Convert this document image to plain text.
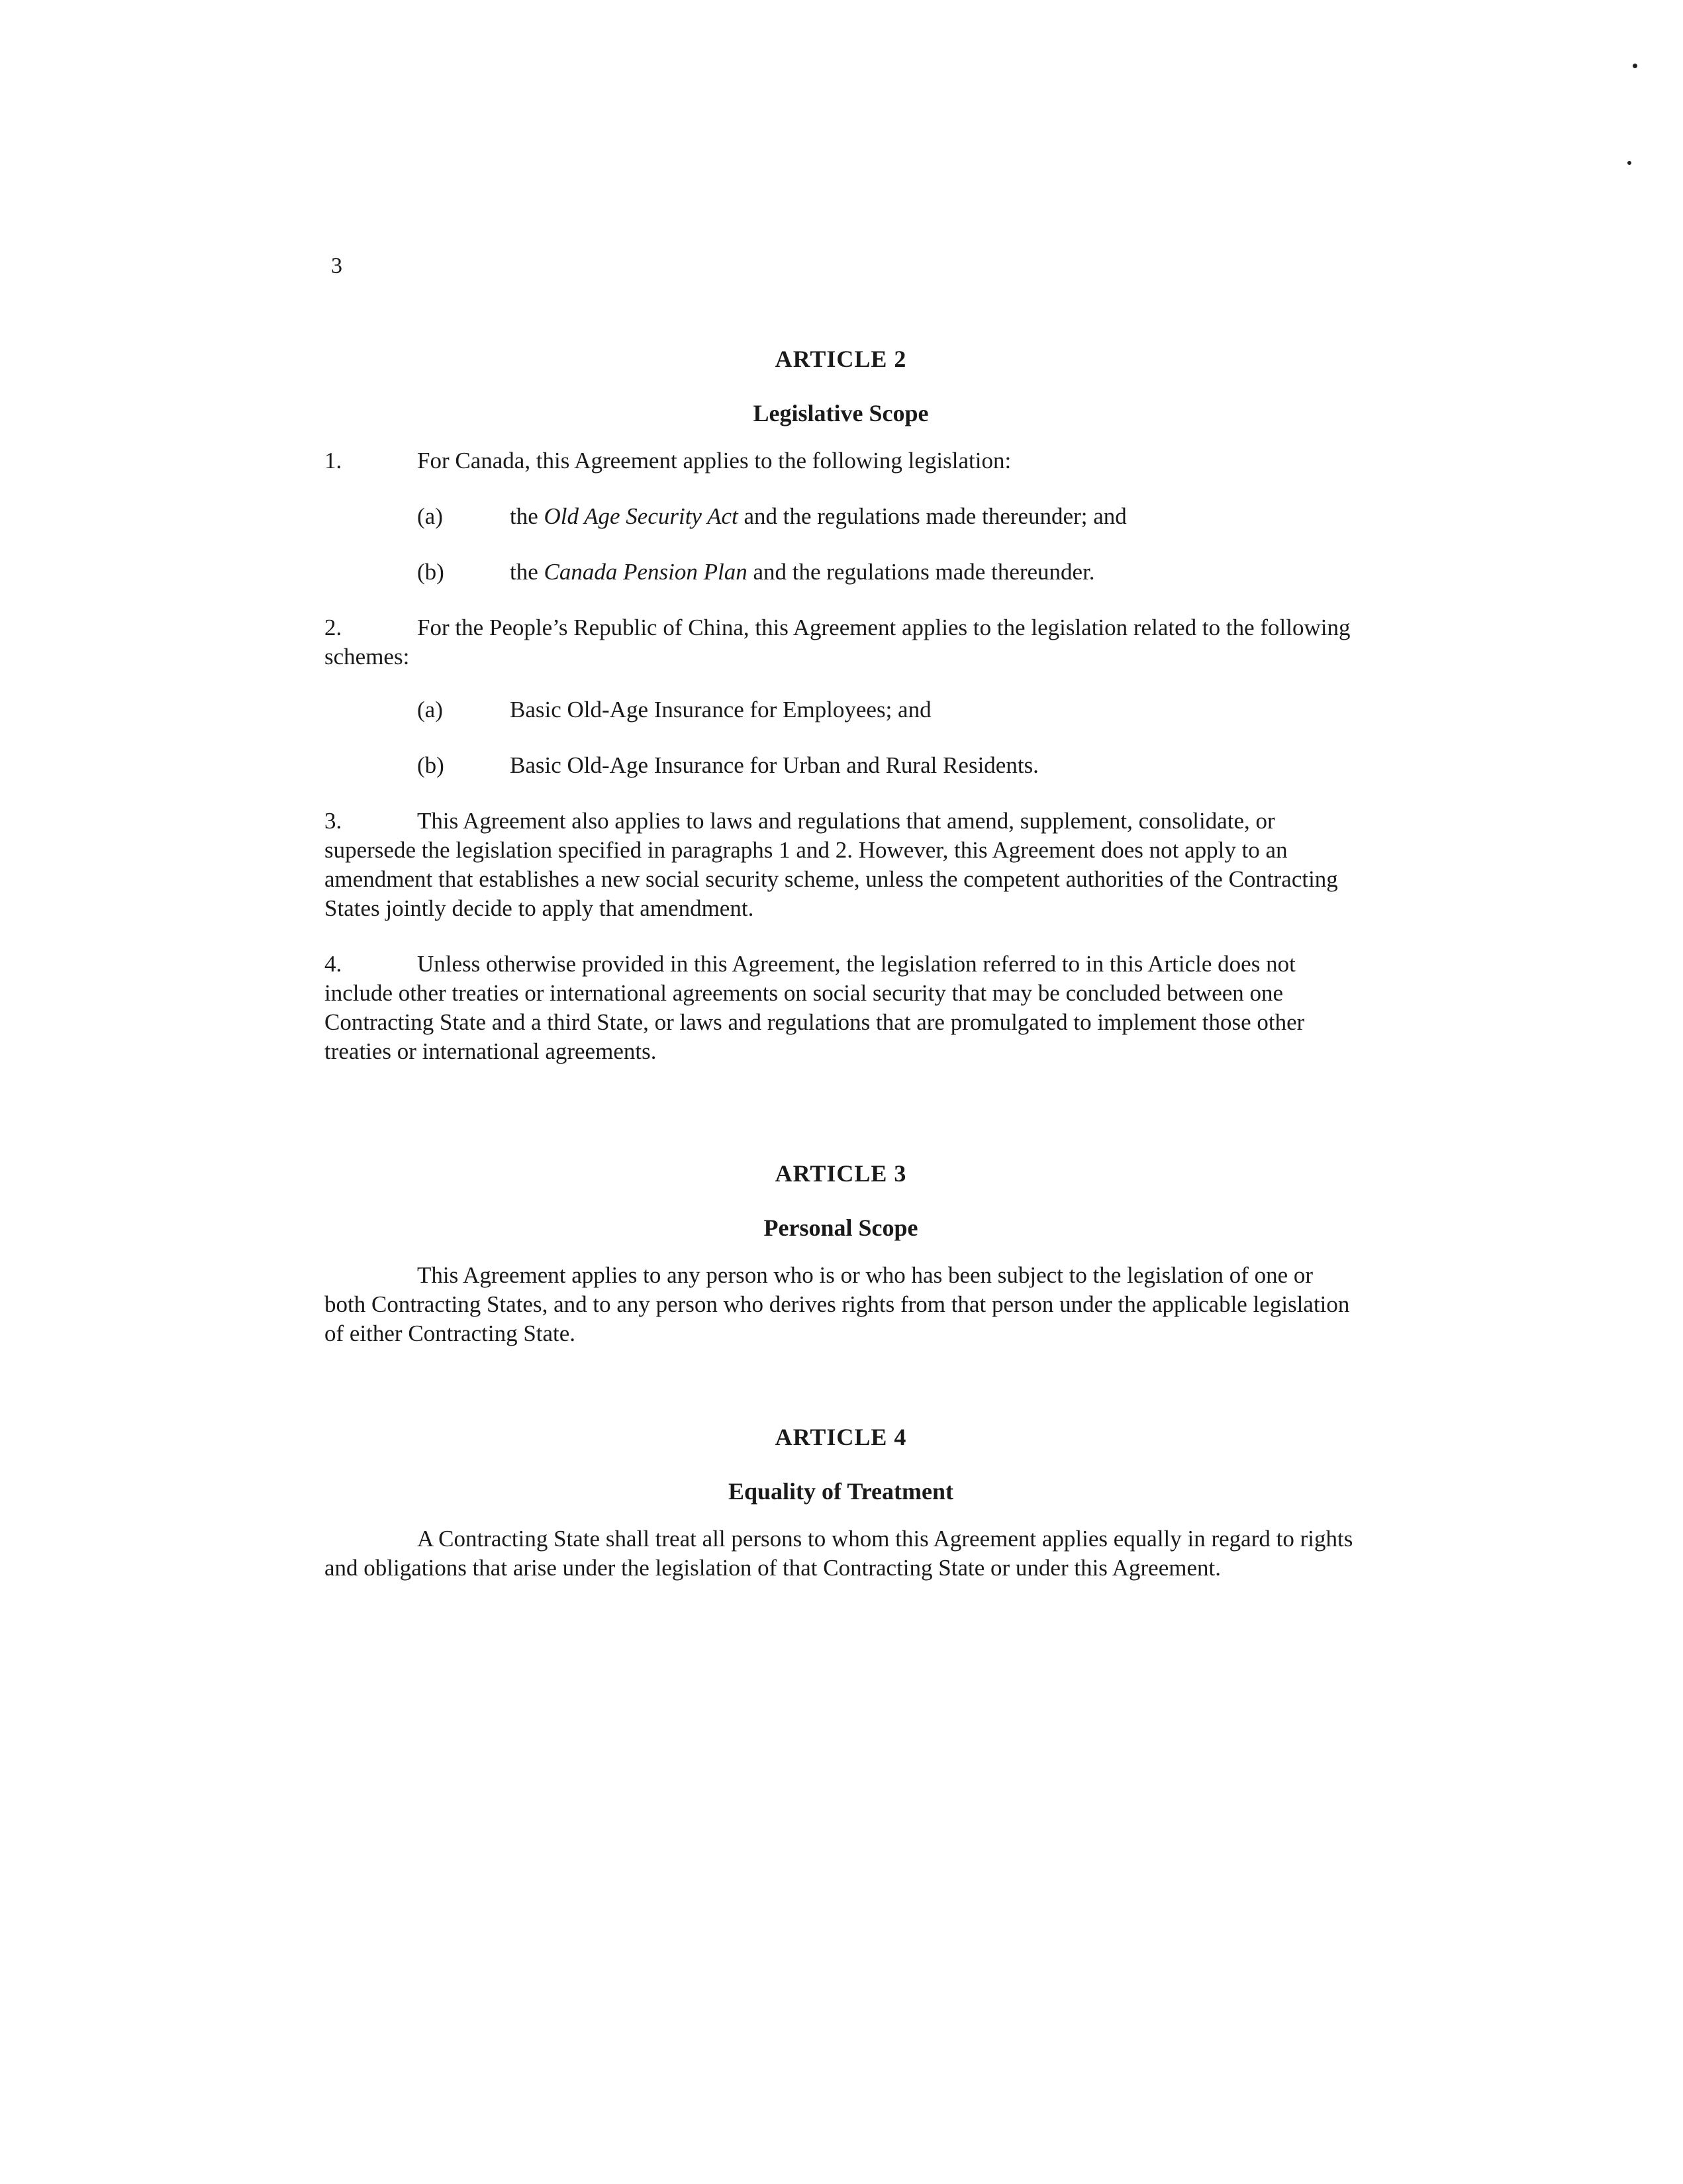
3
ARTICLE 2
Legislative Scope

1.	For Canada, this Agreement applies to the following legislation:

(a)	the Old Age Security Act and the regulations made thereunder; and
(b)	the Canada Pension Plan and the regulations made thereunder.

2.	For the People’s Republic of China, this Agreement applies to the legislation related to the following schemes:

(a)	Basic Old-Age Insurance for Employees; and
(b)	Basic Old-Age Insurance for Urban and Rural Residents.

3.	This Agreement also applies to laws and regulations that amend, supplement, consolidate, or supersede the legislation specified in paragraphs 1 and 2. However, this Agreement does not apply to an amendment that establishes a new social security scheme, unless the competent authorities of the Contracting States jointly decide to apply that amendment.

4.	Unless otherwise provided in this Agreement, the legislation referred to in this Article does not include other treaties or international agreements on social security that may be concluded between one Contracting State and a third State, or laws and regulations that are promulgated to implement those other treaties or international agreements.

ARTICLE 3
Personal Scope

This Agreement applies to any person who is or who has been subject to the legislation of one or both Contracting States, and to any person who derives rights from that person under the applicable legislation of either Contracting State.

ARTICLE 4
Equality of Treatment

A Contracting State shall treat all persons to whom this Agreement applies equally in regard to rights and obligations that arise under the legislation of that Contracting State or under this Agreement.
